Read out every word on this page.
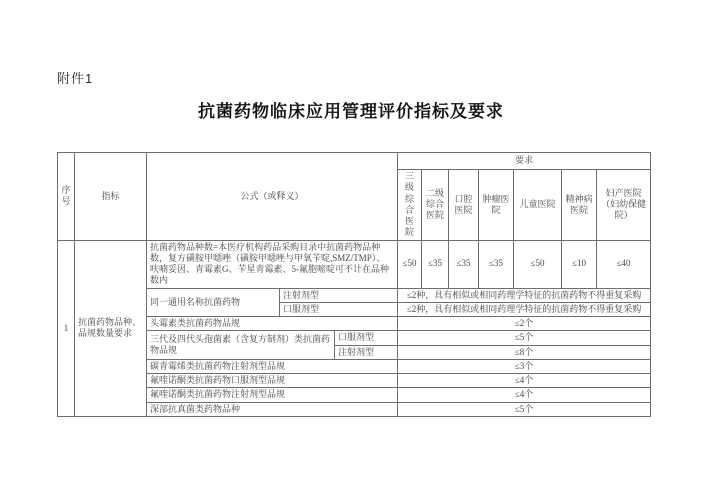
附件1
抗菌药物临床应用管理评价指标及要求
序号	指标	公式（或释义）			要求						
					三级综合医院	二级综合医院	口腔医院	肿瘤医院	儿童医院	精神病医院	妇产医院（妇幼保健院）
1	抗菌药物品种、品规数量要求	抗菌药物品种数=本医疗机构药品采购目录中抗菌药物品种数，复方磺胺甲噁唑（磺胺甲噁唑与甲氧苄啶,SMZ/TMP）、呋喃妥因、青霉素G、苄星青霉素、5-氟胞嘧啶可不计在品种数内			≤50	≤35	≤35	≤35	≤50	≤10	≤40
		同一通用名称抗菌药物	注射剂型		≤2种，具有相似或相同药理学特征的抗菌药物不得重复采购						
			口服剂型		≤2种，具有相似或相同药理学特征的抗菌药物不得重复采购						
		头霉素类抗菌药物品规			≤2个						
		三代及四代头孢菌素（含复方制剂）类抗菌药物品规		口服剂型	≤5个						
				注射剂型	≤8个						
		碳青霉烯类抗菌药物注射剂型品规			≤3个						
		氟喹诺酮类抗菌药物口服剂型品规			≤4个						
		氟喹诺酮类抗菌药物注射剂型品规			≤4个						
		深部抗真菌类药物品种			≤5个						
